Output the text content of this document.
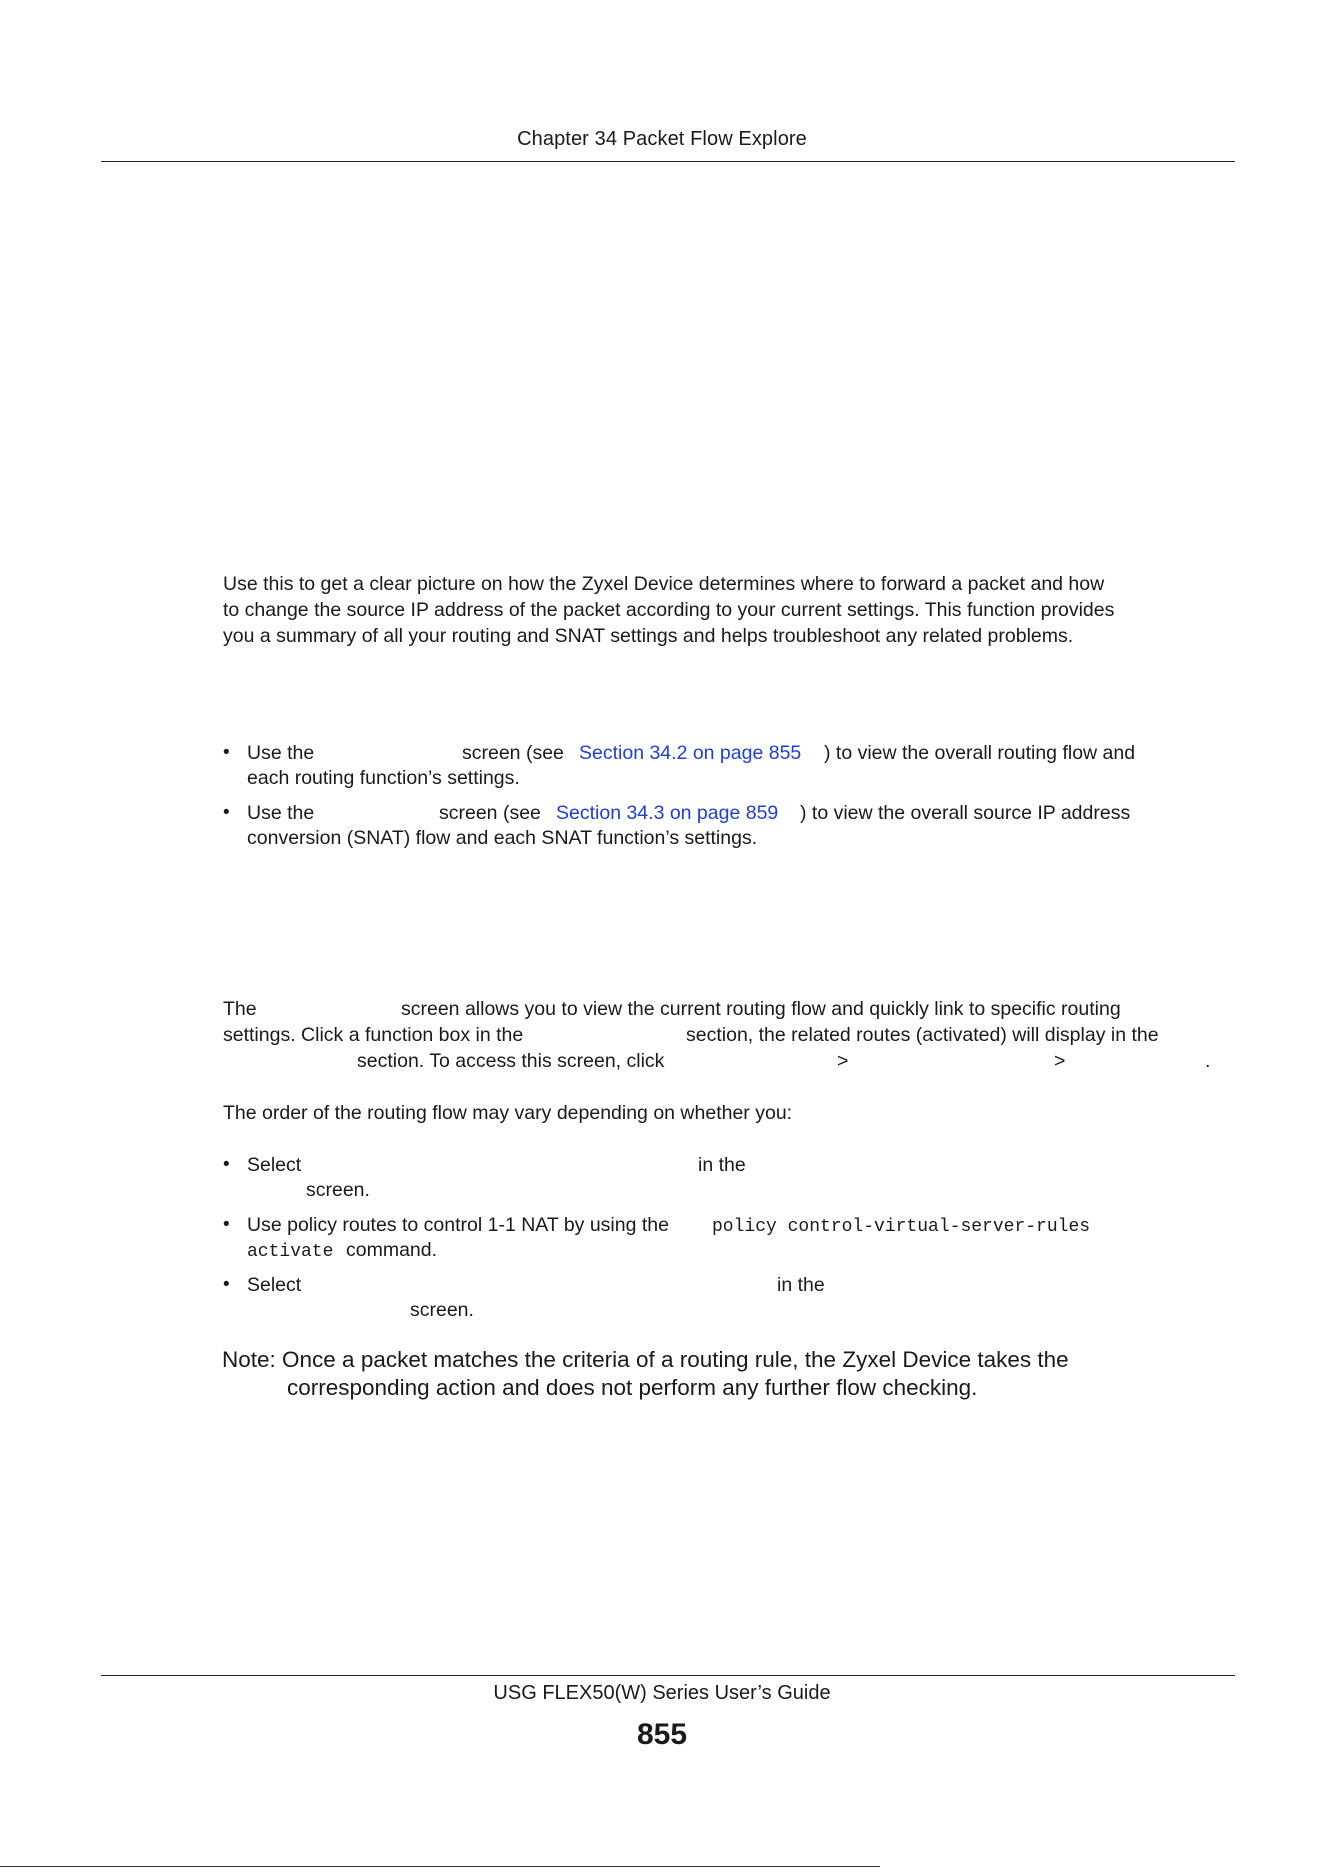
Chapter 34 Packet Flow Explore
Use this to get a clear picture on how the Zyxel Device determines where to forward a packet and how
to change the source IP address of the packet according to your current settings. This function provides
you a summary of all your routing and SNAT settings and helps troubleshoot any related problems.
• Use the	screen (see Section 34.2 on page 855 ) to view the overall routing flow and
each routing function’s settings.
• Use the	screen (see Section 34.3 on page 859 ) to view the overall source IP address
conversion (SNAT) flow and each SNAT function’s settings.
The	screen allows you to view the current routing flow and quickly link to specific routing
settings. Click a function box in the	section, the related routes (activated) will display in the
section. To access this screen, click	>	>	.
The order of the routing flow may vary depending on whether you:
• Select	in the
screen.
• Use policy routes to control 1-1 NAT by using the policy control-virtual-server-rules
activate command.
• Select	in the
screen.
Note: Once a packet matches the criteria of a routing rule, the Zyxel Device takes the
corresponding action and does not perform any further flow checking.
USG FLEX50(W) Series User’s Guide
855
